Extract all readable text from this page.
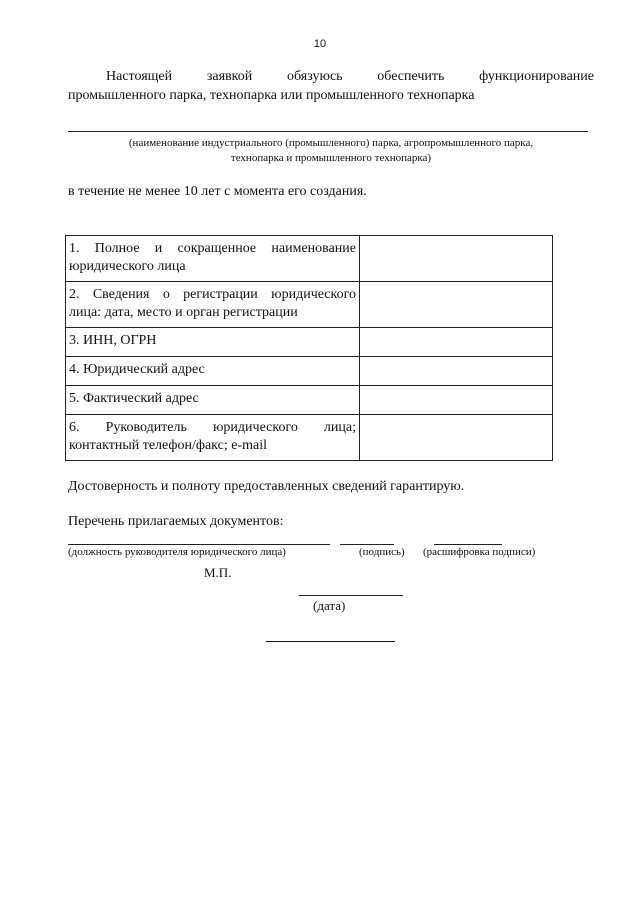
10
Настоящей заявкой обязуюсь обеспечить функционирование
промышленного парка, технопарка или промышленного технопарка
(наименование индустриального (промышленного) парка, агропромышленного парка,
технопарка и промышленного технопарка)
в течение не менее 10 лет с момента его создания.
1. Полное и сокращенное наименование
юридического лица	

2. Сведения о регистрации юридического
лица: дата, место и орган регистрации	
3. ИНН, ОГРН	
4. Юридический адрес	
5. Фактический адрес	

6. Руководитель юридического лица;
контактный телефон/факс; e-mail	
Достоверность и полноту предоставленных сведений гарантирую.
Перечень прилагаемых документов:
(должность руководителя юридического лица)	(подпись) (расшифровка подписи)
М.П.
(дата)
